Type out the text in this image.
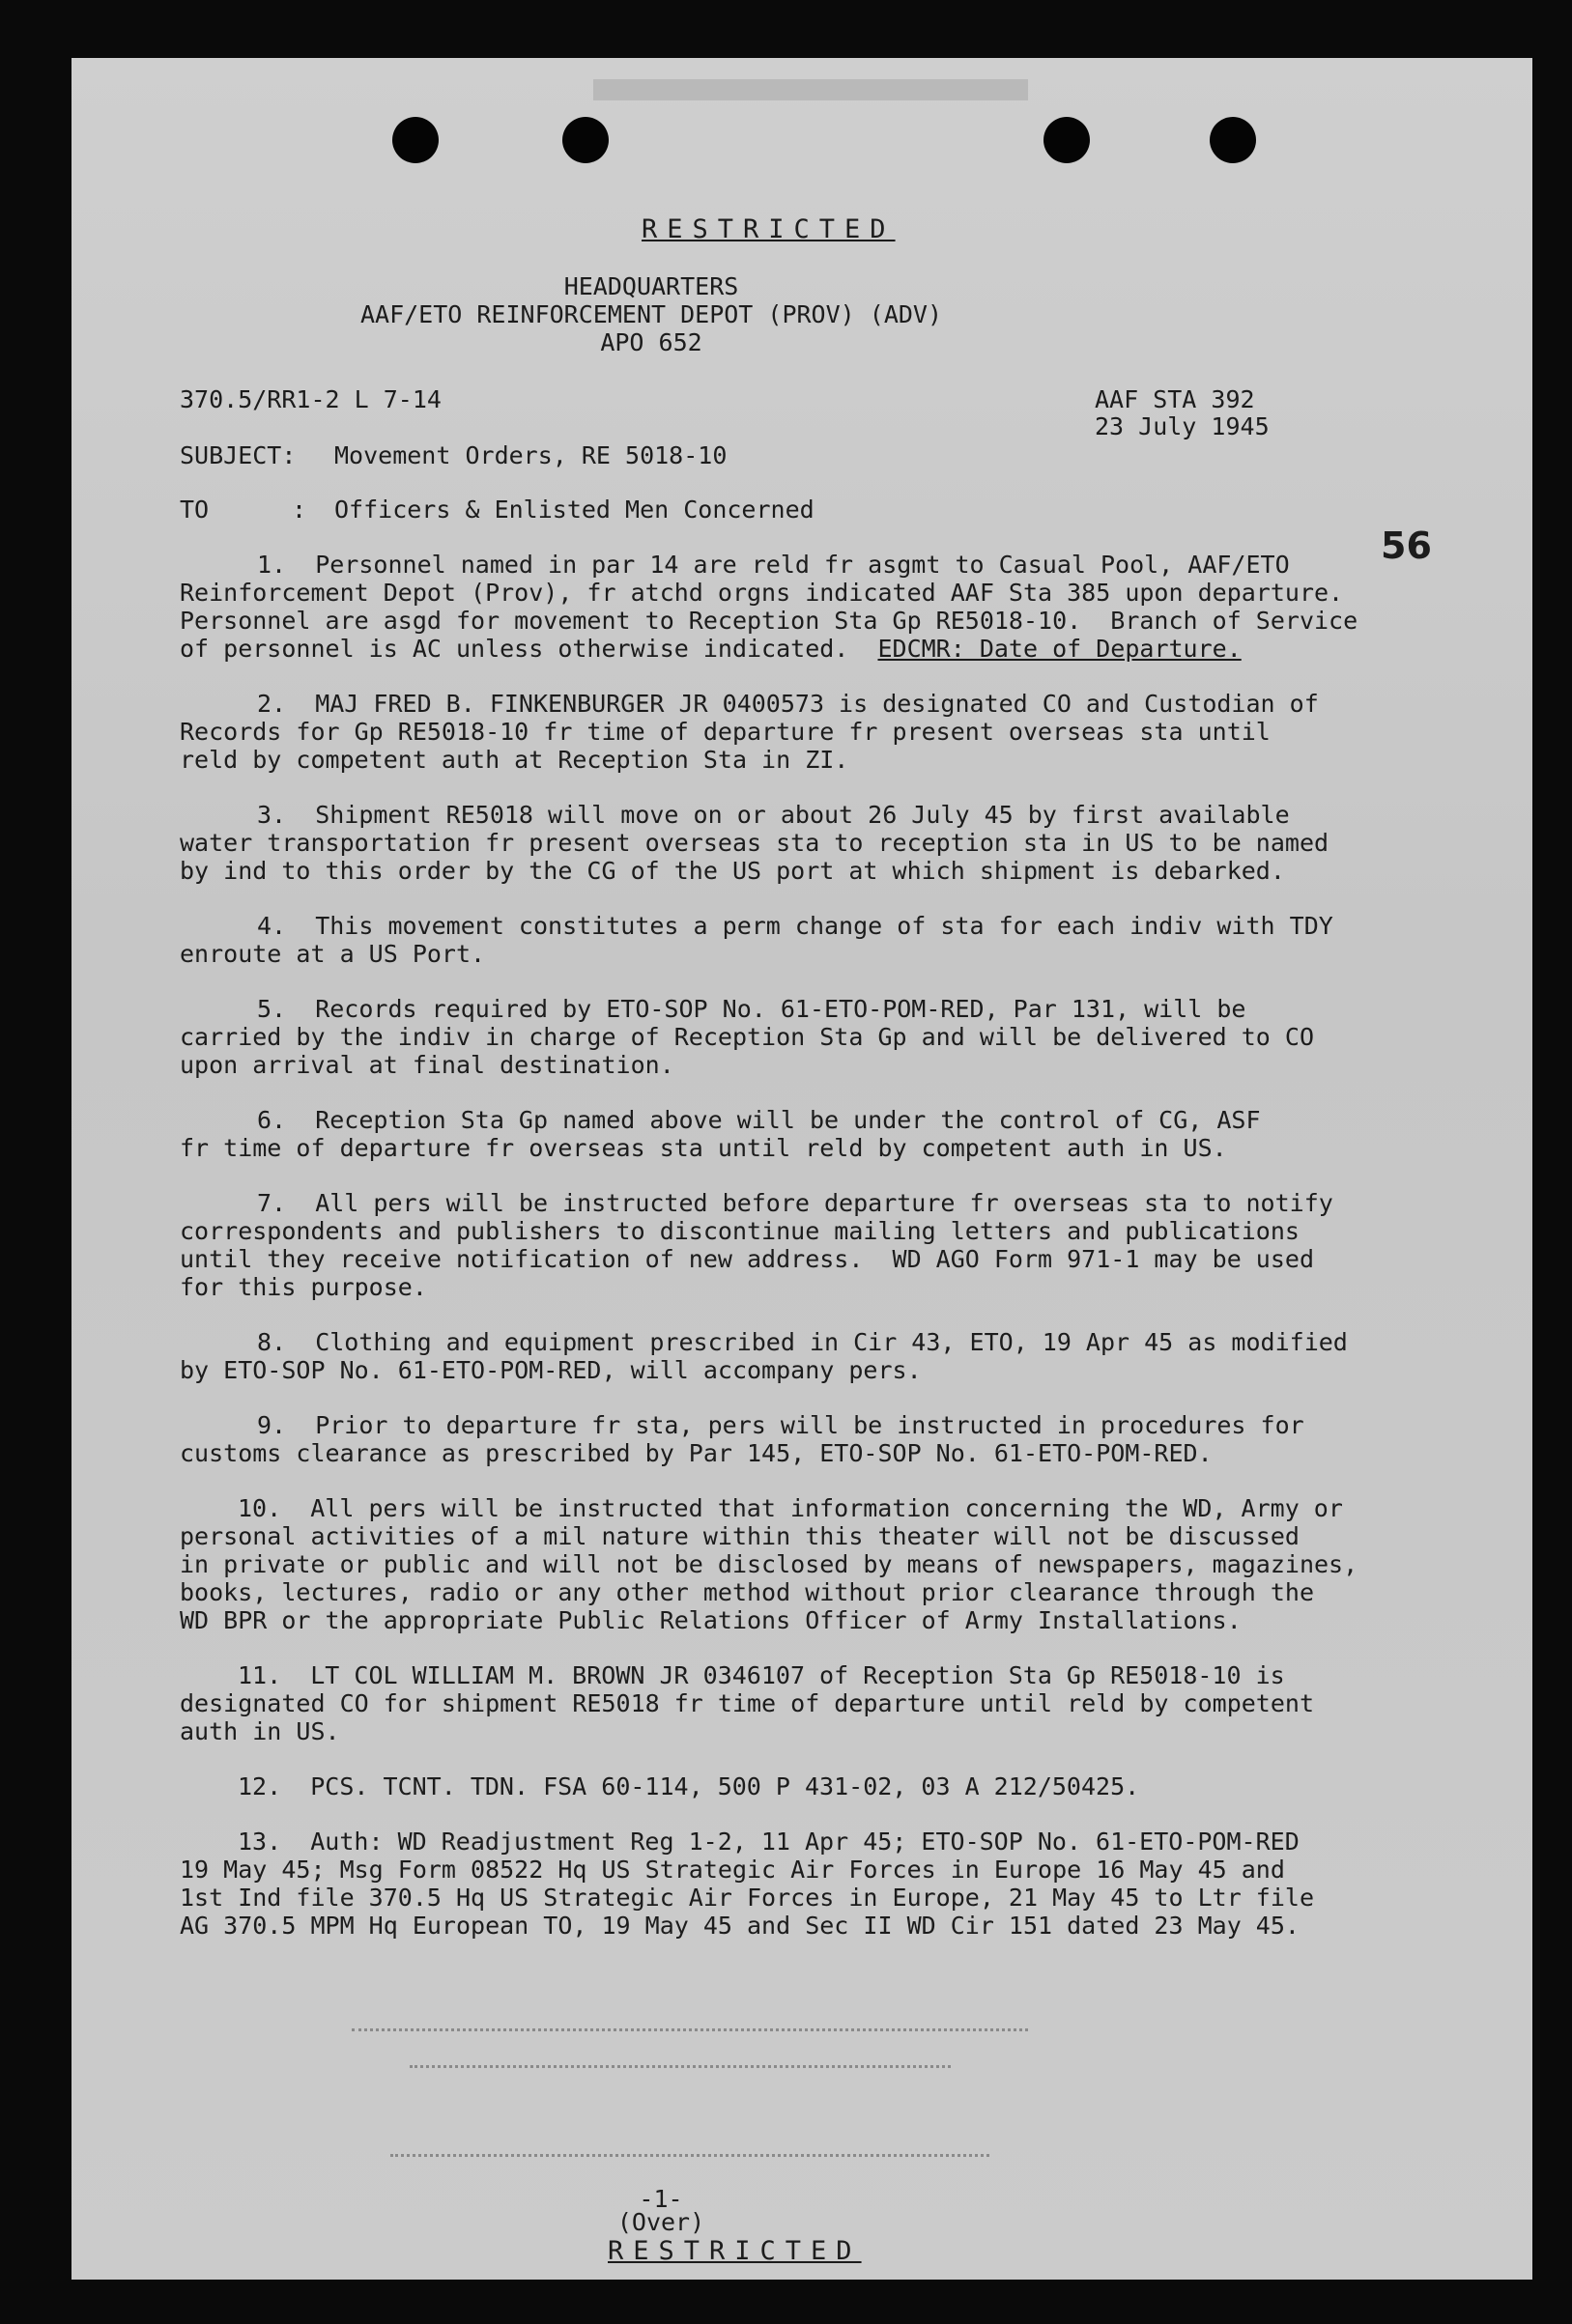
RESTRICTED
HEADQUARTERS
AAF/ETO REINFORCEMENT DEPOT (PROV) (ADV)
APO 652
370.5/RR1-2 L 7-14	AAF STA 392
23 July 1945
SUBJECT: Movement Orders, RE 5018-10
TO	: Officers & Enlisted Men Concerned
56
1.  Personnel named in par 14 are reld fr asgmt to Casual Pool, AAF/ETO
Reinforcement Depot (Prov), fr atchd orgns indicated AAF Sta 385 upon departure.
Personnel are asgd for movement to Reception Sta Gp RE5018-10.  Branch of Service
of personnel is AC unless otherwise indicated.  EDCMR: Date of Departure.
2.  MAJ FRED B. FINKENBURGER JR 0400573 is designated CO and Custodian of
Records for Gp RE5018-10 fr time of departure fr present overseas sta until
reld by competent auth at Reception Sta in ZI.
3.  Shipment RE5018 will move on or about 26 July 45 by first available
water transportation fr present overseas sta to reception sta in US to be named
by ind to this order by the CG of the US port at which shipment is debarked.
4.  This movement constitutes a perm change of sta for each indiv with TDY
enroute at a US Port.
5.  Records required by ETO-SOP No. 61-ETO-POM-RED, Par 131, will be
carried by the indiv in charge of Reception Sta Gp and will be delivered to CO
upon arrival at final destination.
6.  Reception Sta Gp named above will be under the control of CG, ASF
fr time of departure fr overseas sta until reld by competent auth in US.
7.  All pers will be instructed before departure fr overseas sta to notify
correspondents and publishers to discontinue mailing letters and publications
until they receive notification of new address.  WD AGO Form 971-1 may be used
for this purpose.
8.  Clothing and equipment prescribed in Cir 43, ETO, 19 Apr 45 as modified
by ETO-SOP No. 61-ETO-POM-RED, will accompany pers.
9.  Prior to departure fr sta, pers will be instructed in procedures for
customs clearance as prescribed by Par 145, ETO-SOP No. 61-ETO-POM-RED.
10.  All pers will be instructed that information concerning the WD, Army or
personal activities of a mil nature within this theater will not be discussed
in private or public and will not be disclosed by means of newspapers, magazines,
books, lectures, radio or any other method without prior clearance through the
WD BPR or the appropriate Public Relations Officer of Army Installations.
11.  LT COL WILLIAM M. BROWN JR 0346107 of Reception Sta Gp RE5018-10 is
designated CO for shipment RE5018 fr time of departure until reld by competent
auth in US.
12.  PCS. TCNT. TDN. FSA 60-114, 500 P 431-02, 03 A 212/50425.
13.  Auth: WD Readjustment Reg 1-2, 11 Apr 45; ETO-SOP No. 61-ETO-POM-RED
19 May 45; Msg Form 08522 Hq US Strategic Air Forces in Europe 16 May 45 and
1st Ind file 370.5 Hq US Strategic Air Forces in Europe, 21 May 45 to Ltr file
AG 370.5 MPM Hq European TO, 19 May 45 and Sec II WD Cir 151 dated 23 May 45.
-1-
(Over)
RESTRICTED
